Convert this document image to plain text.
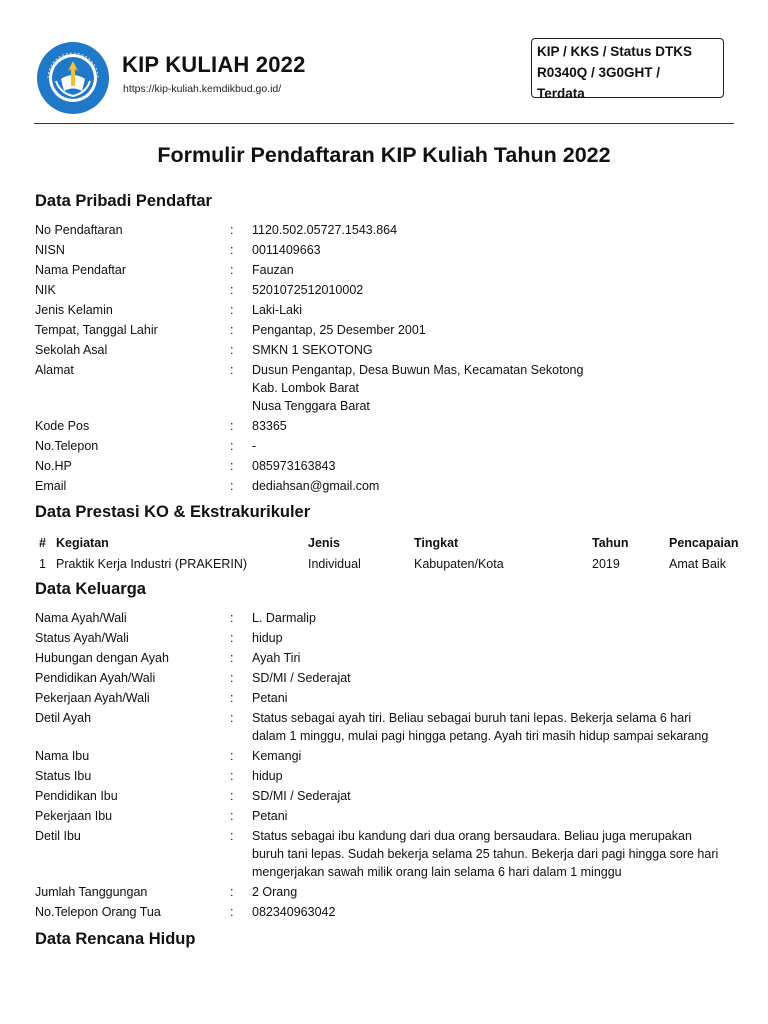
KIP KULIAH 2022
https://kip-kuliah.kemdikbud.go.id/
KIP / KKS / Status DTKS
R0340Q / 3G0GHT /
Terdata
Formulir Pendaftaran KIP Kuliah Tahun 2022
Data Pribadi Pendaftar
No Pendaftaran	:	1120.502.05727.1543.864
NISN	:	0011409663
Nama Pendaftar	:	Fauzan
NIK	:	5201072512010002
Jenis Kelamin	:	Laki-Laki
Tempat, Tanggal Lahir	:	Pengantap, 25 Desember 2001
Sekolah Asal	:	SMKN 1 SEKOTONG
Alamat	:	Dusun Pengantap, Desa Buwun Mas, Kecamatan Sekotong
Kab. Lombok Barat
Nusa Tenggara Barat
Kode Pos	:	83365
No.Telepon	:	-
No.HP	:	085973163843
Email	:	dediahsan@gmail.com
Data Prestasi KO & Ekstrakurikuler
# Kegiatan	Jenis	Tingkat	Tahun	Pencapaian
1 Praktik Kerja Industri (PRAKERIN)	Individual	Kabupaten/Kota	2019	Amat Baik
Data Keluarga
Nama Ayah/Wali	:	L. Darmalip
Status Ayah/Wali	:	hidup
Hubungan dengan Ayah	:	Ayah Tiri
Pendidikan Ayah/Wali	:	SD/MI / Sederajat
Pekerjaan Ayah/Wali	:	Petani
Detil Ayah	:	Status sebagai ayah tiri. Beliau sebagai buruh tani lepas. Bekerja selama 6 hari
dalam 1 minggu, mulai pagi hingga petang. Ayah tiri masih hidup sampai sekarang
Nama Ibu	:	Kemangi
Status Ibu	:	hidup
Pendidikan Ibu	:	SD/MI / Sederajat
Pekerjaan Ibu	:	Petani
Detil Ibu	:	Status sebagai ibu kandung dari dua orang bersaudara. Beliau juga merupakan
buruh tani lepas. Sudah bekerja selama 25 tahun. Bekerja dari pagi hingga sore hari
mengerjakan sawah milik orang lain selama 6 hari dalam 1 minggu
Jumlah Tanggungan	:	2 Orang
No.Telepon Orang Tua	:	082340963042
Data Rencana Hidup
